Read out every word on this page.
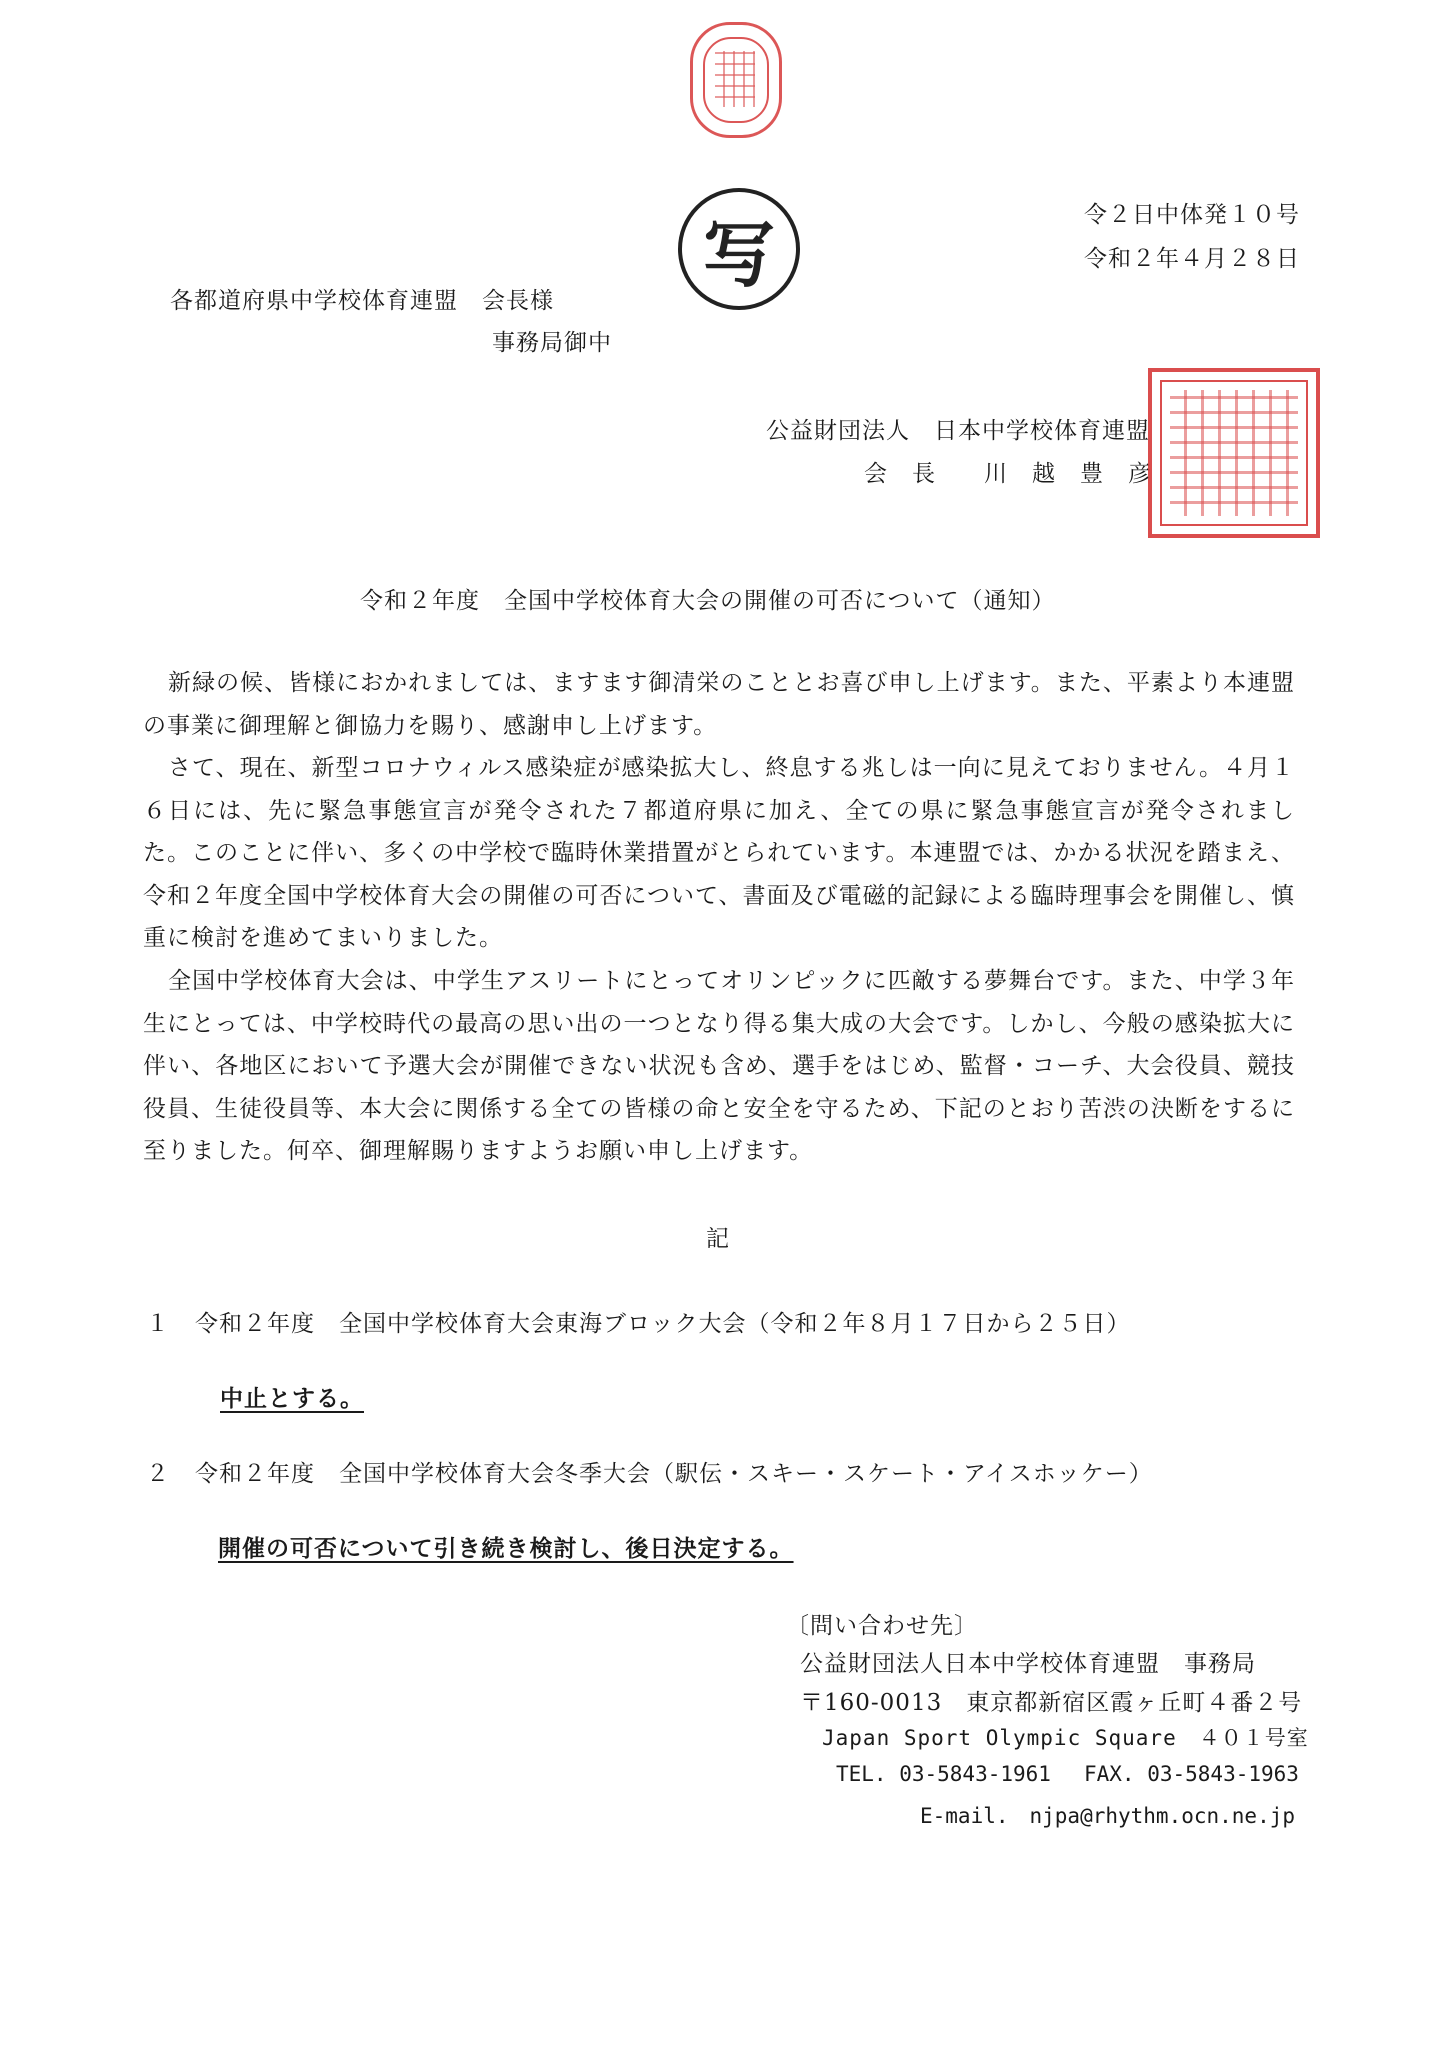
写	令２日中体発１０号
令和２年４月２８日
各都道府県中学校体育連盟　会長様
事務局御中
公益財団法人　日本中学校体育連盟
会　長　　川　越　豊　彦
令和２年度　全国中学校体育大会の開催の可否について（通知）
新緑の候、皆様におかれましては、ますます御清栄のこととお喜び申し上げます。また、平素より本連盟の事業に御理解と御協力を賜り、感謝申し上げます。
さて、現在、新型コロナウィルス感染症が感染拡大し、終息する兆しは一向に見えておりません。４月１６日には、先に緊急事態宣言が発令された７都道府県に加え、全ての県に緊急事態宣言が発令されました。このことに伴い、多くの中学校で臨時休業措置がとられています。本連盟では、かかる状況を踏まえ、令和２年度全国中学校体育大会の開催の可否について、書面及び電磁的記録による臨時理事会を開催し、慎重に検討を進めてまいりました。
全国中学校体育大会は、中学生アスリートにとってオリンピックに匹敵する夢舞台です。また、中学３年生にとっては、中学校時代の最高の思い出の一つとなり得る集大成の大会です。しかし、今般の感染拡大に伴い、各地区において予選大会が開催できない状況も含め、選手をはじめ、監督・コーチ、大会役員、競技役員、生徒役員等、本大会に関係する全ての皆様の命と安全を守るため、下記のとおり苦渋の決断をするに至りました。何卒、御理解賜りますようお願い申し上げます。
記
１ 令和２年度　全国中学校体育大会東海ブロック大会（令和２年８月１７日から２５日）
中止とする。
２ 令和２年度　全国中学校体育大会冬季大会（駅伝・スキー・スケート・アイスホッケー）
開催の可否について引き続き検討し、後日決定する。
〔問い合わせ先〕
公益財団法人日本中学校体育連盟　事務局
〒160-0013　東京都新宿区霞ヶ丘町４番２号
Japan Sport Olympic Square　４０１号室
TEL. 03-5843-1961 FAX. 03-5843-1963
E-mail.　njpa@rhythm.ocn.ne.jp
